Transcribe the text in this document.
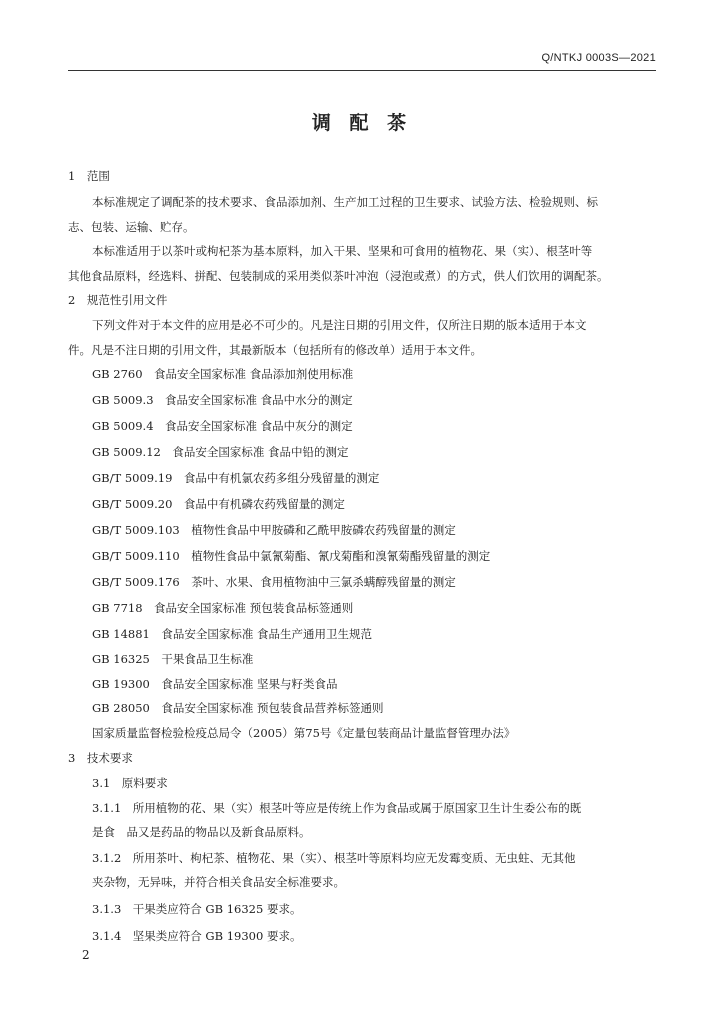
Q/NTKJ 0003S—2021
调 配 茶
1　范围
本标准规定了调配茶的技术要求、食品添加剂、生产加工过程的卫生要求、试验方法、检验规则、标
志、包装、运输、贮存。
本标准适用于以茶叶或枸杞茶为基本原料，加入干果、坚果和可食用的植物花、果（实）、根茎叶等
其他食品原料，经选料、拼配、包装制成的采用类似茶叶冲泡（浸泡或煮）的方式，供人们饮用的调配茶。
2　规范性引用文件
下列文件对于本文件的应用是必不可少的。凡是注日期的引用文件，仅所注日期的版本适用于本文
件。凡是不注日期的引用文件，其最新版本（包括所有的修改单）适用于本文件。
GB 2760　食品安全国家标准 食品添加剂使用标准
GB 5009.3　食品安全国家标准 食品中水分的测定
GB 5009.4　食品安全国家标准 食品中灰分的测定
GB 5009.12　食品安全国家标准 食品中铅的测定
GB/T 5009.19　食品中有机氯农药多组分残留量的测定
GB/T 5009.20　食品中有机磷农药残留量的测定
GB/T 5009.103　植物性食品中甲胺磷和乙酰甲胺磷农药残留量的测定
GB/T 5009.110　植物性食品中氯氰菊酯、氰戊菊酯和溴氰菊酯残留量的测定
GB/T 5009.176　茶叶、水果、食用植物油中三氯杀螨醇残留量的测定
GB 7718　食品安全国家标准 预包装食品标签通则
GB 14881　食品安全国家标准 食品生产通用卫生规范
GB 16325　干果食品卫生标准
GB 19300　食品安全国家标准 坚果与籽类食品
GB 28050　食品安全国家标准 预包装食品营养标签通则
国家质量监督检验检疫总局令（2005）第75号《定量包装商品计量监督管理办法》
3　技术要求
3.1　原料要求
3.1.1　所用植物的花、果（实）根茎叶等应是传统上作为食品或属于原国家卫生计生委公布的既
是食　品又是药品的物品以及新食品原料。
3.1.2　所用茶叶、枸杞茶、植物花、果（实）、根茎叶等原料均应无发霉变质、无虫蛀、无其他
夹杂物，无异味，并符合相关食品安全标准要求。
3.1.3　干果类应符合 GB 16325 要求。
3.1.4　坚果类应符合 GB 19300 要求。
2
